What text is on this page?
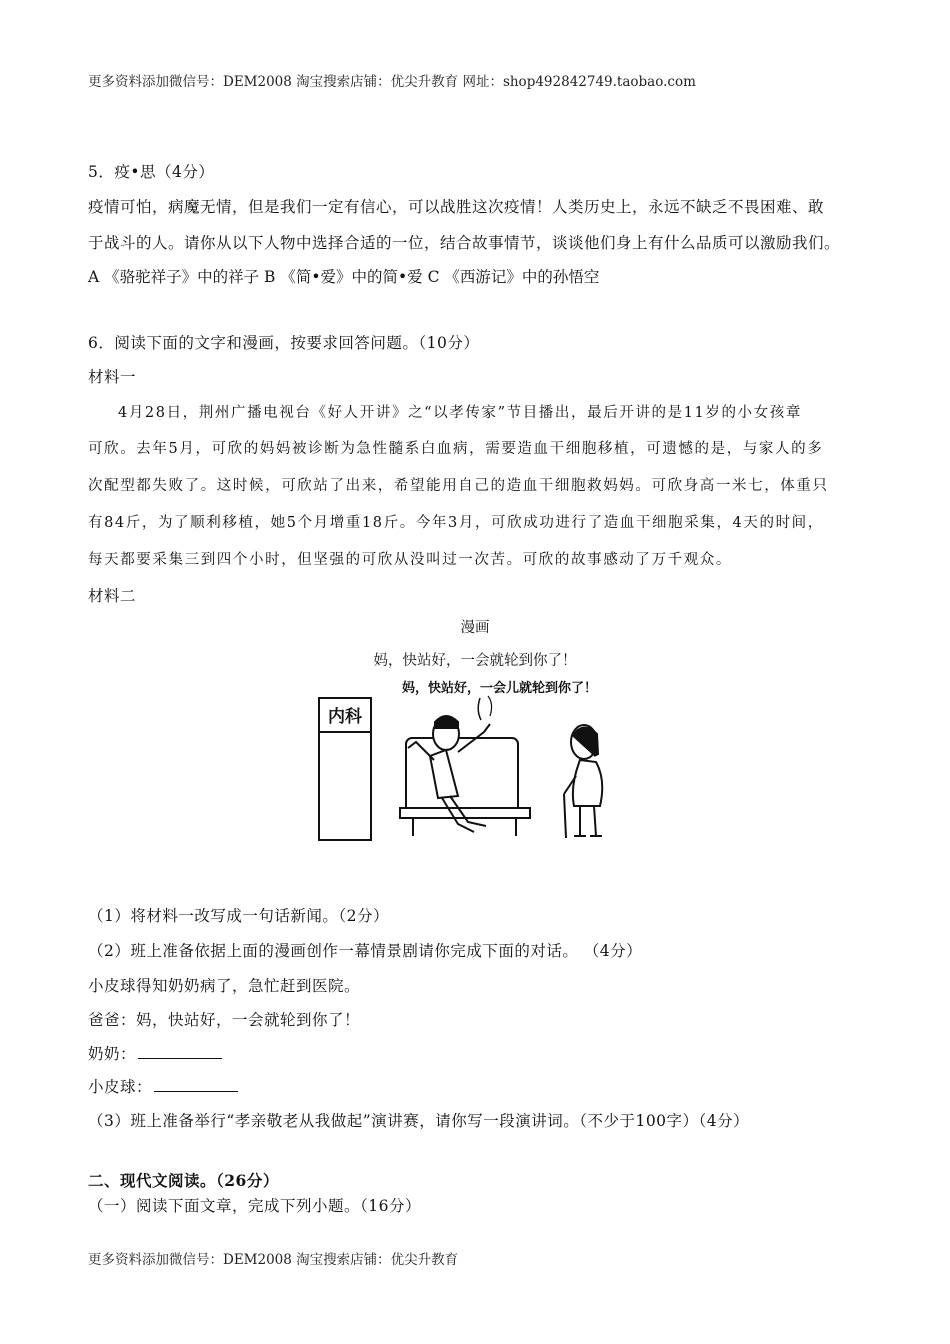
更多资料添加微信号：DEM2008 淘宝搜索店铺：优尖升教育 网址：shop492842749.taobao.com
5．疫•思（4分）
疫情可怕，病魔无情，但是我们一定有信心，可以战胜这次疫情！人类历史上，永远不缺乏不畏困难、敢
于战斗的人。请你从以下人物中选择合适的一位，结合故事情节，谈谈他们身上有什么品质可以激励我们。
A 《骆驼祥子》中的祥子 B 《简•爱》中的简•爱 C 《西游记》中的孙悟空
6．阅读下面的文字和漫画，按要求回答问题。（10分）
材料一
4月28日，荆州广播电视台《好人开讲》之“以孝传家”节目播出，最后开讲的是11岁的小女孩章
可欣。去年5月，可欣的妈妈被诊断为急性髓系白血病，需要造血干细胞移植，可遗憾的是，与家人的多
次配型都失败了。这时候，可欣站了出来，希望能用自己的造血干细胞救妈妈。可欣身高一米七，体重只
有84斤，为了顺利移植，她5个月增重18斤。今年3月，可欣成功进行了造血干细胞采集，4天的时间，
每天都要采集三到四个小时，但坚强的可欣从没叫过一次苦。可欣的故事感动了万千观众。
材料二
漫画
妈，快站好，一会就轮到你了！
内科
妈，快站好，一会儿就轮到你了！
（1）将材料一改写成一句话新闻。（2分）
（2）班上准备依据上面的漫画创作一幕情景剧请你完成下面的对话。 （4分）
小皮球得知奶奶病了，急忙赶到医院。
爸爸：妈，快站好，一会就轮到你了！
奶奶：
小皮球：
（3）班上准备举行“孝亲敬老从我做起”演讲赛，请你写一段演讲词。（不少于100字）（4分）
二、现代文阅读。（26分）
（一）阅读下面文章，完成下列小题。（16分）
更多资料添加微信号：DEM2008 淘宝搜索店铺：优尖升教育
